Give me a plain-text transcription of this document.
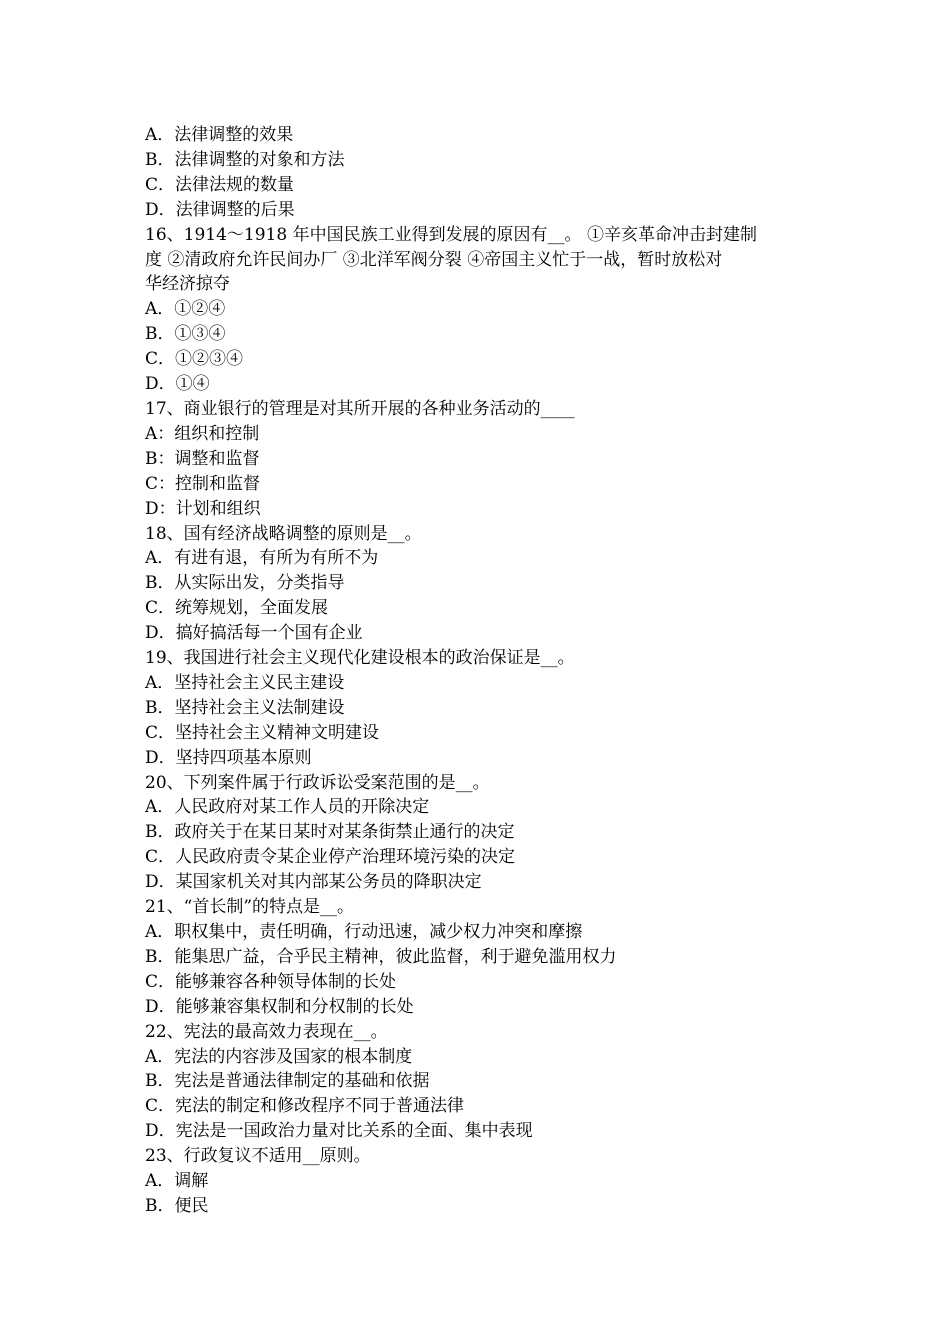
A．法律调整的效果

B．法律调整的对象和方法

C．法律法规的数量

D．法律调整的后果

16、1914～1918 年中国民族工业得到发展的原因有__。 ①辛亥革命冲击封建制

度 ②清政府允许民间办厂 ③北洋军阀分裂 ④帝国主义忙于一战，暂时放松对

华经济掠夺

A．①②④

B．①③④

C．①②③④

D．①④

17、商业银行的管理是对其所开展的各种业务活动的____

A：组织和控制

B：调整和监督

C：控制和监督

D：计划和组织

18、国有经济战略调整的原则是__。

A．有进有退，有所为有所不为

B．从实际出发，分类指导

C．统筹规划，全面发展

D．搞好搞活每一个国有企业

19、我国进行社会主义现代化建设根本的政治保证是__。

A．坚持社会主义民主建设

B．坚持社会主义法制建设

C．坚持社会主义精神文明建设

D．坚持四项基本原则

20、下列案件属于行政诉讼受案范围的是__。

A．人民政府对某工作人员的开除决定

B．政府关于在某日某时对某条街禁止通行的决定

C．人民政府责令某企业停产治理环境污染的决定

D．某国家机关对其内部某公务员的降职决定

21、“首长制”的特点是__。

A．职权集中，责任明确，行动迅速，减少权力冲突和摩擦

B．能集思广益，合乎民主精神，彼此监督，利于避免滥用权力

C．能够兼容各种领导体制的长处

D．能够兼容集权制和分权制的长处

22、宪法的最高效力表现在__。

A．宪法的内容涉及国家的根本制度

B．宪法是普通法律制定的基础和依据

C．宪法的制定和修改程序不同于普通法律

D．宪法是一国政治力量对比关系的全面、集中表现

23、行政复议不适用__原则。

A．调解

B．便民
